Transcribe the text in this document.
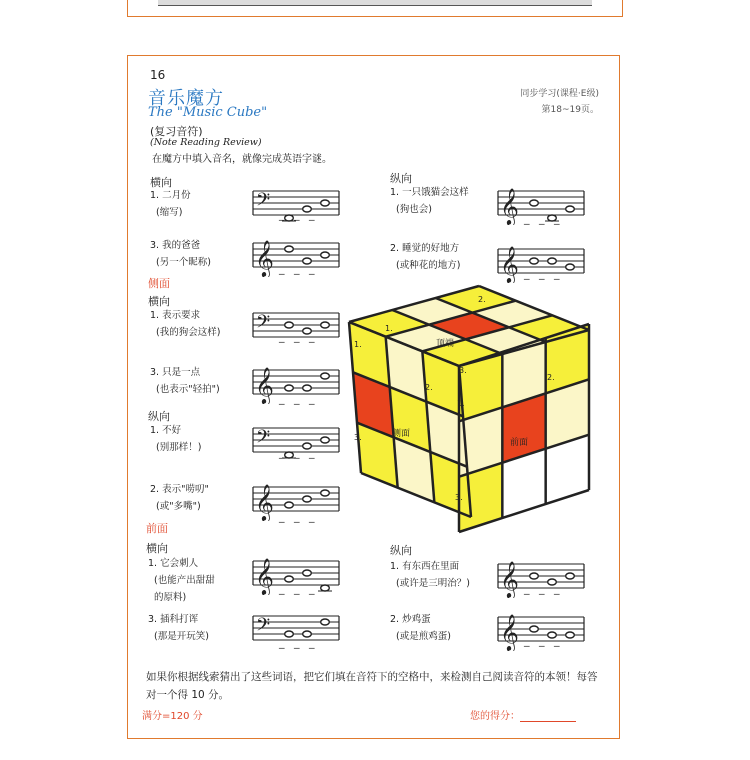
16
音乐魔方
The "Music Cube"
(复习音符)
(Note Reading Review)
在魔方中填入音名，就像完成英语字谜。
同步学习(课程·E级)
第18~19页。
横向	纵向
1. 二月份
(缩写)
3. 我的爸爸
(另一个昵称)
1. 一只饿猫会这样
(狗也会)
2. 睡觉的好地方
(或种花的地方)
侧面
横向
1. 表示要求
(我的狗会这样)
3. 只是一点
(也表示"轻拍")
纵向
1. 不好
(别那样！)
2. 表示"唠叨"
(或"多嘴")
前面
横向
1. 它会刺人
(也能产出甜甜
的原料)
3. 插科打诨
(那是开玩笑)
纵向
1. 有东西在里面
(或许是三明治？)
2. 炒鸡蛋
(或是煎鸡蛋)
𝄢
𝄞
𝄞
𝄞
𝄢
𝄞
𝄢
𝄞
𝄞
𝄢
𝄞
𝄞
_ _ _
_ _ _
_ _ _
_ _ _
_ _ _
_ _ _
_ _ _
_ _ _
_ _ _
_ _ _
_ _ _
_ _ _
顶端
侧面
前面
1.
2.
3.
1.
2.
3.
1.
2.
3.
如果你根据线索猜出了这些词语，把它们填在音符下的空格中，来检测自己阅读音符的本领！每答对一个得 10 分。
满分=120 分	您的得分：
